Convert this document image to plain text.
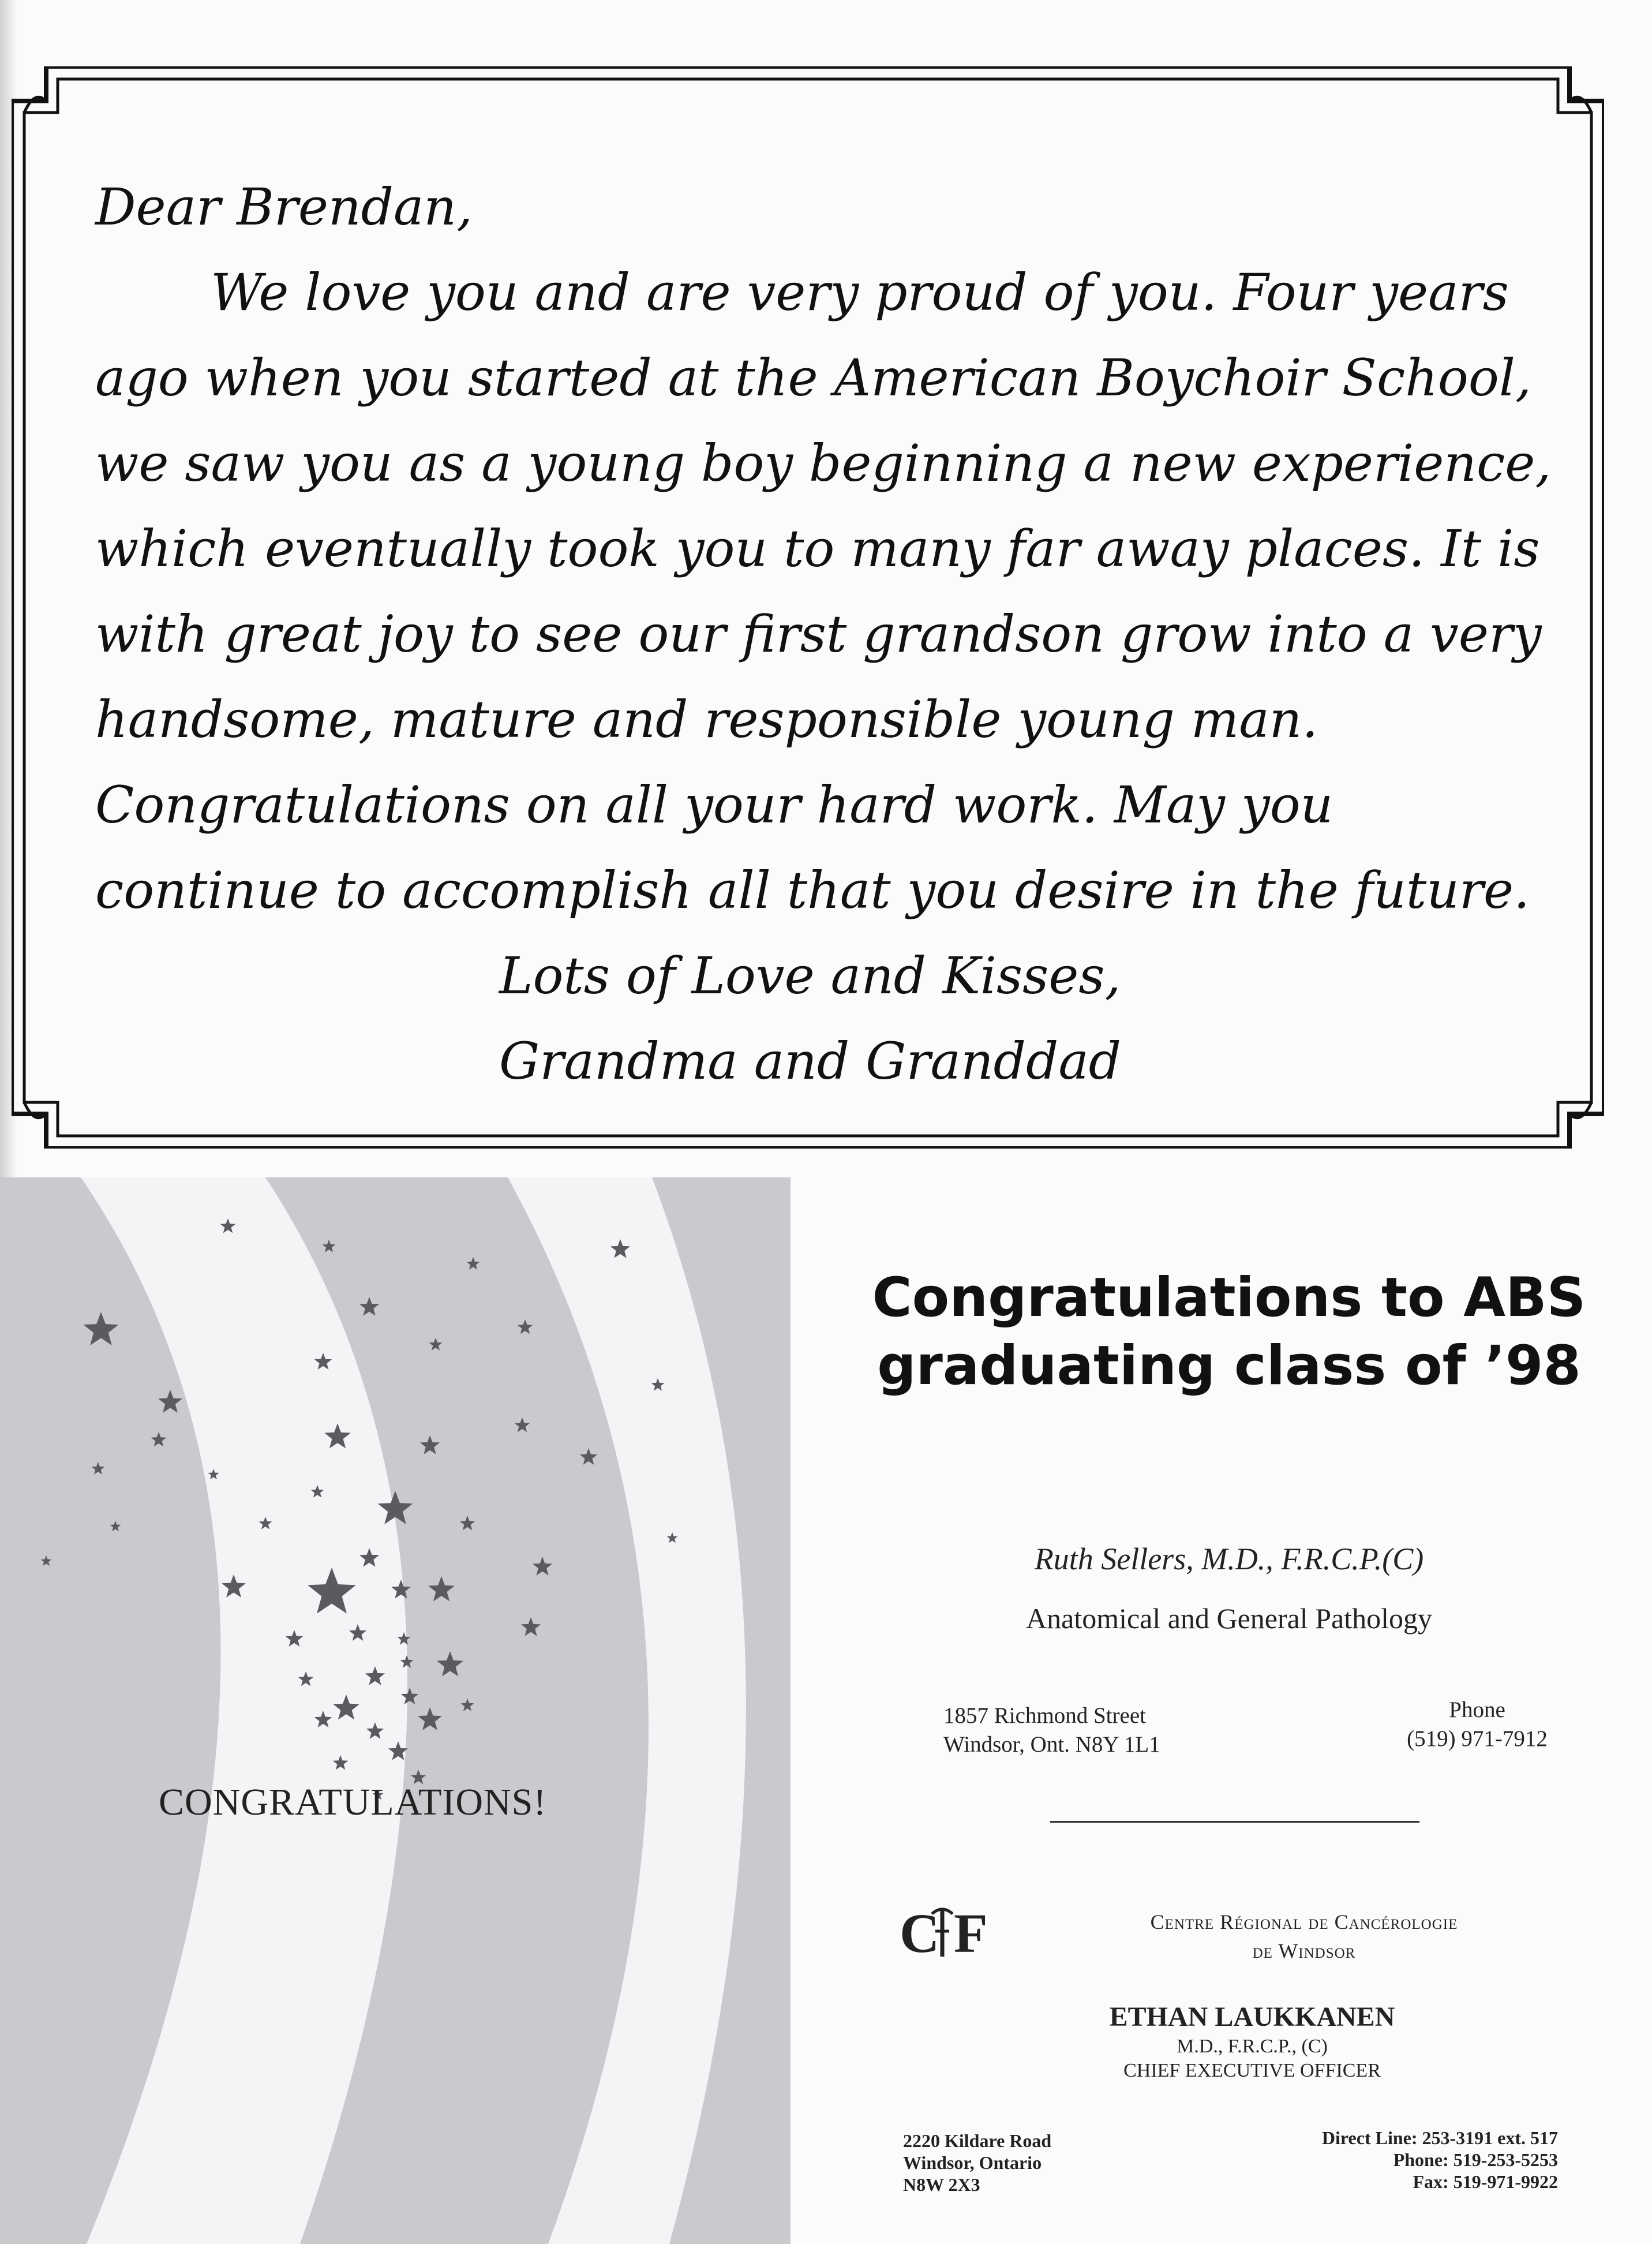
Dear Brendan,
We love you and are very proud of you. Four years
ago when you started at the American Boychoir School,
we saw you as a young boy beginning a new experience,
which eventually took you to many far away places. It is
with great joy to see our first grandson grow into a very
handsome, mature and responsible young man.
Congratulations on all your hard work. May you
continue to accomplish all that you desire in the future.
Lots of Love and Kisses,
Grandma and Granddad
CONGRATULATIONS!
Congratulations to ABS
graduating class of ’98
Ruth Sellers, M.D., F.R.C.P.(C)
Anatomical and General Pathology
1857 Richmond Street
Windsor, Ont. N8Y 1L1
Phone
(519) 971-7912
C F	Centre Régional de Cancérologie
de Windsor
ETHAN LAUKKANEN
M.D., F.R.C.P., (C)
CHIEF EXECUTIVE OFFICER
2220 Kildare Road
Windsor, Ontario
N8W 2X3
Direct Line: 253-3191 ext. 517
Phone: 519-253-5253
Fax: 519-971-9922
